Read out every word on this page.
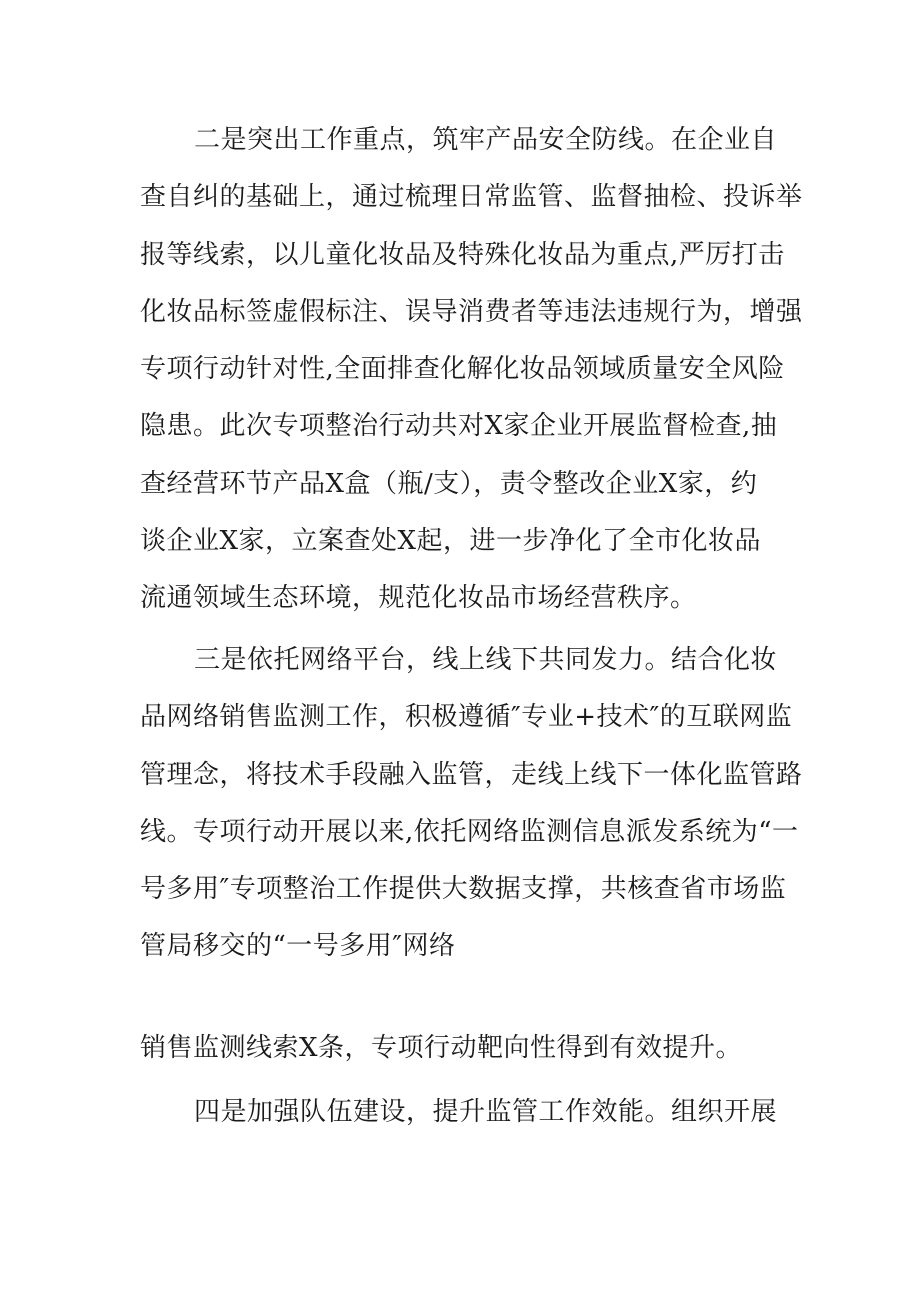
二是突出工作重点，筑牢产品安全防线。在企业自
查自纠的基础上，通过梳理日常监管、监督抽检、投诉举
报等线索，以儿童化妆品及特殊化妆品为重点,严厉打击
化妆品标签虚假标注、误导消费者等违法违规行为，增强
专项行动针对性,全面排查化解化妆品领域质量安全风险
隐患。此次专项整治行动共对X家企业开展监督检查,抽
查经营环节产品X盒（瓶/支），责令整改企业X家，约
谈企业X家，立案查处X起，进一步净化了全市化妆品
流通领域生态环境，规范化妆品市场经营秩序。

三是依托网络平台，线上线下共同发力。结合化妆
品网络销售监测工作，积极遵循″专业+技术″的互联网监
管理念，将技术手段融入监管，走线上线下一体化监管路
线。专项行动开展以来,依托网络监测信息派发系统为“一
号多用″专项整治工作提供大数据支撑，共核查省市场监
管局移交的“一号多用″网络

销售监测线索X条，专项行动靶向性得到有效提升。

四是加强队伍建设，提升监管工作效能。组织开展
